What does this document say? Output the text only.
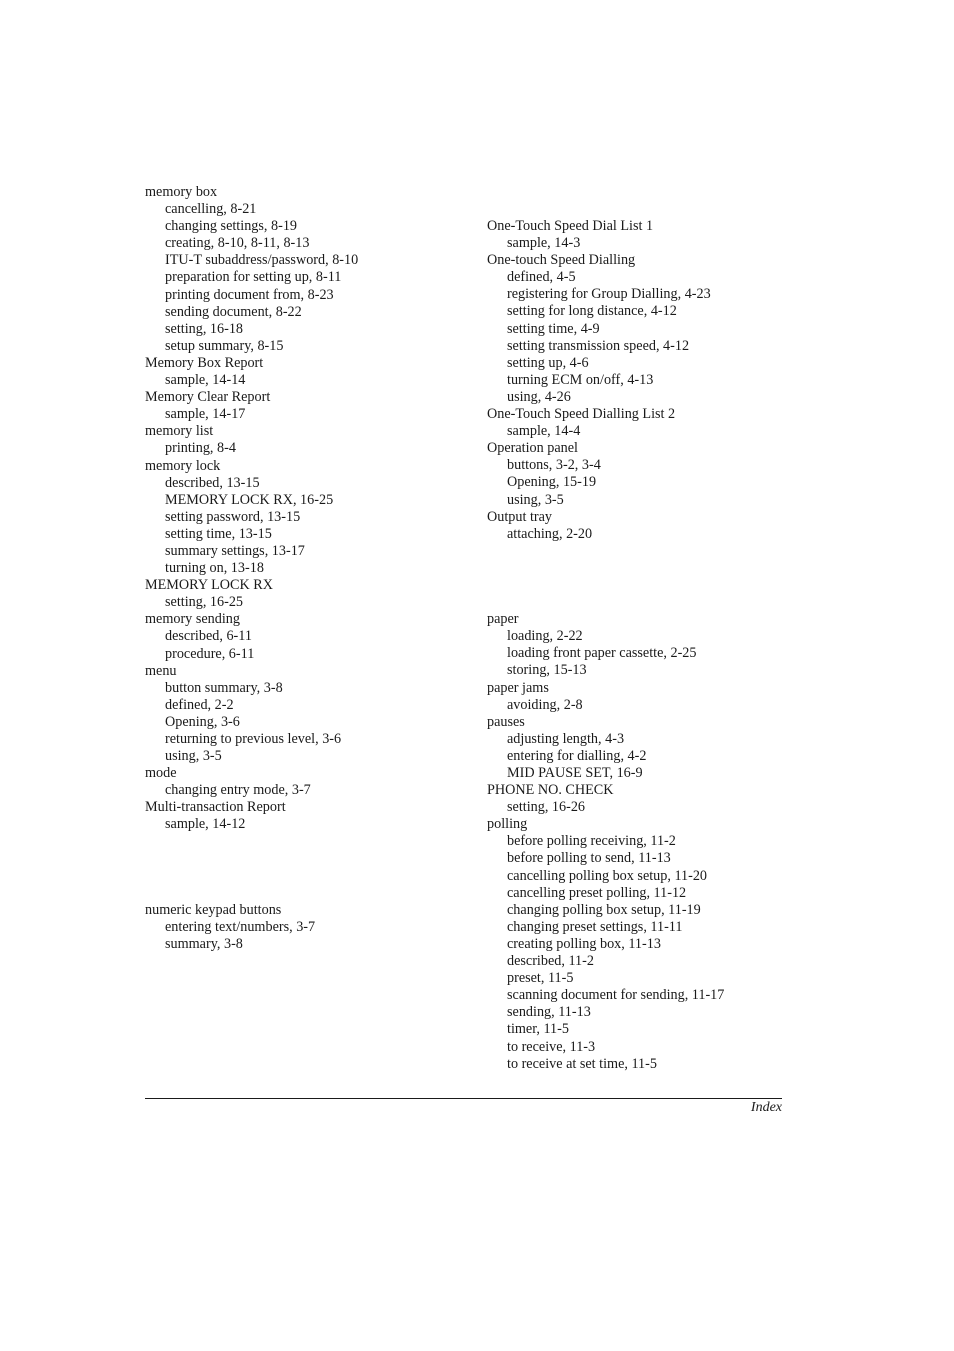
memory box
cancelling, 8-21
changing settings, 8-19
creating, 8-10, 8-11, 8-13
ITU-T subaddress/password, 8-10
preparation for setting up, 8-11
printing document from, 8-23
sending document, 8-22
setting, 16-18
setup summary, 8-15
Memory Box Report
sample, 14-14
Memory Clear Report
sample, 14-17
memory list
printing, 8-4
memory lock
described, 13-15
MEMORY LOCK RX, 16-25
setting password, 13-15
setting time, 13-15
summary settings, 13-17
turning on, 13-18
MEMORY LOCK RX
setting, 16-25
memory sending
described, 6-11
procedure, 6-11
menu
button summary, 3-8
defined, 2-2
Opening, 3-6
returning to previous level, 3-6
using, 3-5
mode
changing entry mode, 3-7
Multi-transaction Report
sample, 14-12
numeric keypad buttons
entering text/numbers, 3-7
summary, 3-8
One-Touch Speed Dial List 1
sample, 14-3
One-touch Speed Dialling
defined, 4-5
registering for Group Dialling, 4-23
setting for long distance, 4-12
setting time, 4-9
setting transmission speed, 4-12
setting up, 4-6
turning ECM on/off, 4-13
using, 4-26
One-Touch Speed Dialling List 2
sample, 14-4
Operation panel
buttons, 3-2, 3-4
Opening, 15-19
using, 3-5
Output tray
attaching, 2-20
paper
loading, 2-22
loading front paper cassette, 2-25
storing, 15-13
paper jams
avoiding, 2-8
pauses
adjusting length, 4-3
entering for dialling, 4-2
MID PAUSE SET, 16-9
PHONE NO. CHECK
setting, 16-26
polling
before polling receiving, 11-2
before polling to send, 11-13
cancelling polling box setup, 11-20
cancelling preset polling, 11-12
changing polling box setup, 11-19
changing preset settings, 11-11
creating polling box, 11-13
described, 11-2
preset, 11-5
scanning document for sending, 11-17
sending, 11-13
timer, 11-5
to receive, 11-3
to receive at set time, 11-5
Index
